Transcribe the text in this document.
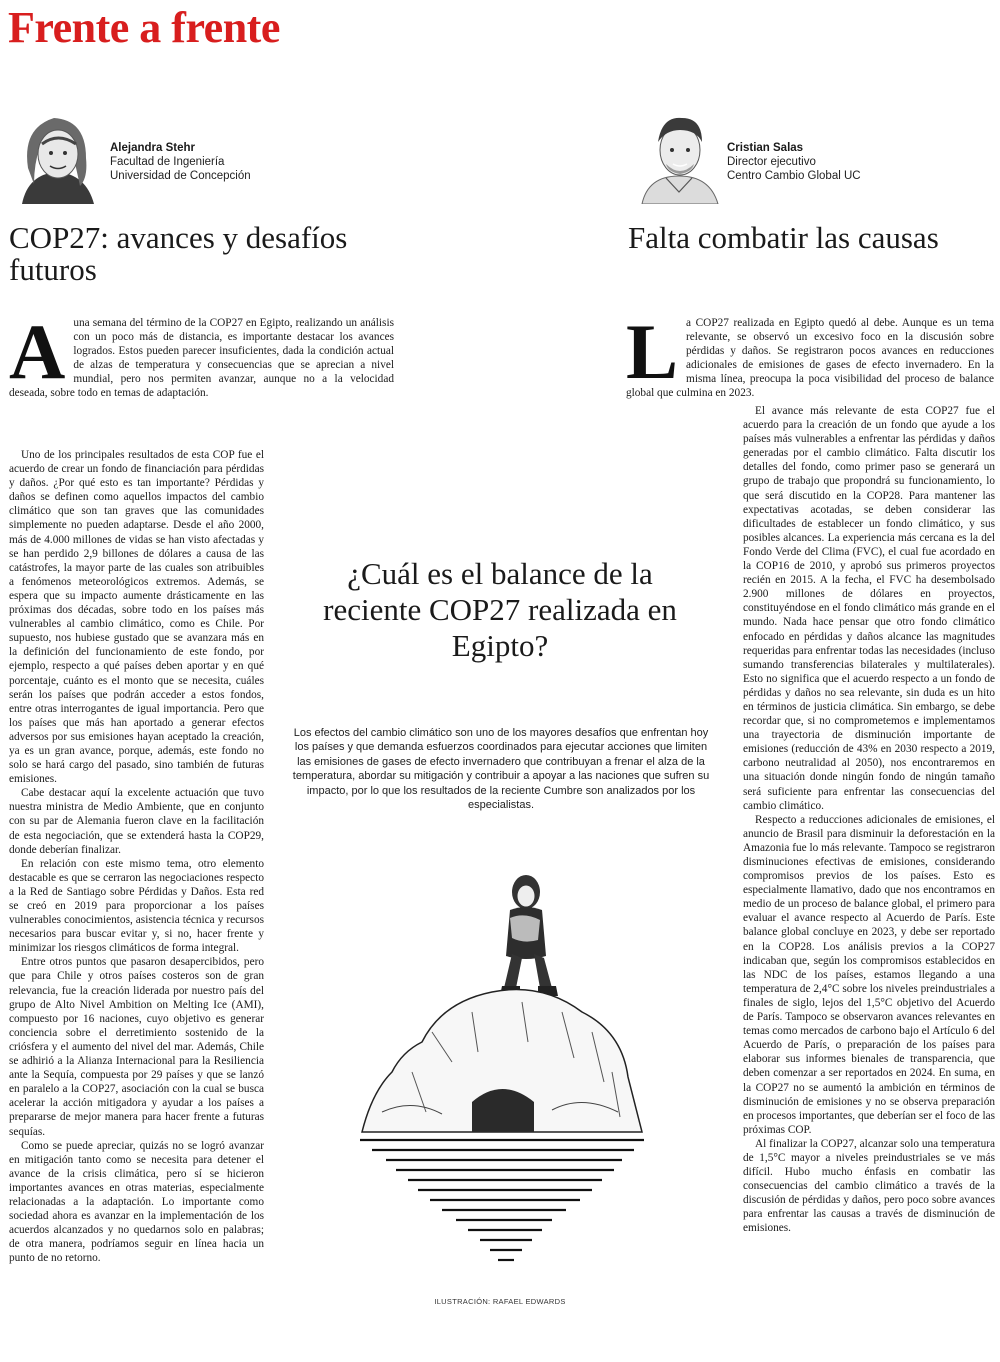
Frente a frente
Alejandra Stehr
Facultad de Ingeniería
Universidad de Concepción
COP27: avances y desafíos futuros
Cristian Salas
Director ejecutivo
Centro Cambio Global UC
Falta combatir las causas

Auna semana del término de la COP27 en Egipto, realizando un análisis con un poco más de distancia, es importante destacar los avances logrados. Estos pueden parecer insuficientes, dada la condición actual de alzas de temperatura y consecuencias que se aprecian a nivel mundial, pero nos permiten avanzar, aunque no a la velocidad deseada, sobre todo en temas de adaptación.

Uno de los principales resultados de esta COP fue el acuerdo de crear un fondo de financiación para pérdidas y daños. ¿Por qué esto es tan importante? Pérdidas y daños se definen como aquellos impactos del cambio climático que son tan graves que las comunidades simplemente no pueden adaptarse. Desde el año 2000, más de 4.000 millones de vidas se han visto afectadas y se han perdido 2,9 billones de dólares a causa de las catástrofes, la mayor parte de las cuales son atribuibles a fenómenos meteorológicos extremos. Además, se espera que su impacto aumente drásticamente en las próximas dos décadas, sobre todo en los países más vulnerables al cambio climático, como es Chile. Por supuesto, nos hubiese gustado que se avanzara más en la definición del funcionamiento de este fondo, por ejemplo, respecto a qué países deben aportar y en qué porcentaje, cuánto es el monto que se necesita, cuáles serán los países que podrán acceder a estos fondos, entre otras interrogantes de igual importancia. Pero que los países que más han aportado a generar efectos adversos por sus emisiones hayan aceptado la creación, ya es un gran avance, porque, además, este fondo no solo se hará cargo del pasado, sino también de futuras emisiones.

Cabe destacar aquí la excelente actuación que tuvo nuestra ministra de Medio Ambiente, que en conjunto con su par de Alemania fueron clave en la facilitación de esta negociación, que se extenderá hasta la COP29, donde deberían finalizar.

En relación con este mismo tema, otro elemento destacable es que se cerraron las negociaciones respecto a la Red de Santiago sobre Pérdidas y Daños. Esta red se creó en 2019 para proporcionar a los países vulnerables conocimientos, asistencia técnica y recursos necesarios para buscar evitar y, si no, hacer frente y minimizar los riesgos climáticos de forma integral.

Entre otros puntos que pasaron desapercibidos, pero que para Chile y otros países costeros son de gran relevancia, fue la creación liderada por nuestro país del grupo de Alto Nivel Ambition on Melting Ice (AMI), compuesto por 16 naciones, cuyo objetivo es generar conciencia sobre el derretimiento sostenido de la criósfera y el aumento del nivel del mar. Además, Chile se adhirió a la Alianza Internacional para la Resiliencia ante la Sequía, compuesta por 29 países y que se lanzó en paralelo a la COP27, asociación con la cual se busca acelerar la acción mitigadora y ayudar a los países a prepararse de mejor manera para hacer frente a futuras sequías.

Como se puede apreciar, quizás no se logró avanzar en mitigación tanto como se necesita para detener el avance de la crisis climática, pero sí se hicieron importantes avances en otras materias, especialmente relacionadas a la adaptación. Lo importante como sociedad ahora es avanzar en la implementación de los acuerdos alcanzados y no quedarnos solo en palabras; de otra manera, podríamos seguir en línea hacia un punto de no retorno.

La COP27 realizada en Egipto quedó al debe. Aunque es un tema relevante, se observó un excesivo foco en la discusión sobre pérdidas y daños. Se registraron pocos avances en reducciones adicionales de emisiones de gases de efecto invernadero. En la misma línea, preocupa la poca visibilidad del proceso de balance global que culmina en 2023.

El avance más relevante de esta COP27 fue el acuerdo para la creación de un fondo que ayude a los países más vulnerables a enfrentar las pérdidas y daños generadas por el cambio climático. Falta discutir los detalles del fondo, como primer paso se generará un grupo de trabajo que propondrá su funcionamiento, lo que será discutido en la COP28. Para mantener las expectativas acotadas, se deben considerar las dificultades de establecer un fondo climático, y sus posibles alcances. La experiencia más cercana es la del Fondo Verde del Clima (FVC), el cual fue acordado en la COP16 de 2010, y aprobó sus primeros proyectos recién en 2015. A la fecha, el FVC ha desembolsado 2.900 millones de dólares en proyectos, constituyéndose en el fondo climático más grande en el mundo. Nada hace pensar que otro fondo climático enfocado en pérdidas y daños alcance las magnitudes requeridas para enfrentar todas las necesidades (incluso sumando transferencias bilaterales y multilaterales). Esto no significa que el acuerdo respecto a un fondo de pérdidas y daños no sea relevante, sin duda es un hito en términos de justicia climática. Sin embargo, se debe recordar que, si no comprometemos e implementamos una trayectoria de disminución importante de emisiones (reducción de 43% en 2030 respecto a 2019, carbono neutralidad al 2050), nos encontraremos en una situación donde ningún fondo de ningún tamaño será suficiente para enfrentar las consecuencias del cambio climático.

Respecto a reducciones adicionales de emisiones, el anuncio de Brasil para disminuir la deforestación en la Amazonia fue lo más relevante. Tampoco se registraron disminuciones efectivas de emisiones, considerando compromisos previos de los países. Esto es especialmente llamativo, dado que nos encontramos en medio de un proceso de balance global, el primero para evaluar el avance respecto al Acuerdo de París. Este balance global concluye en 2023, y debe ser reportado en la COP28. Los análisis previos a la COP27 indicaban que, según los compromisos establecidos en las NDC de los países, estamos llegando a una temperatura de 2,4°C sobre los niveles preindustriales a finales de siglo, lejos del 1,5°C objetivo del Acuerdo de París. Tampoco se observaron avances relevantes en temas como mercados de carbono bajo el Artículo 6 del Acuerdo de París, o preparación de los países para elaborar sus informes bienales de transparencia, que deben comenzar a ser reportados en 2024. En suma, en la COP27 no se aumentó la ambición en términos de disminución de emisiones y no se observa preparación en procesos importantes, que deberían ser el foco de las próximas COP.

Al finalizar la COP27, alcanzar solo una temperatura de 1,5°C mayor a niveles preindustriales se ve más difícil. Hubo mucho énfasis en combatir las consecuencias del cambio climático a través de la discusión de pérdidas y daños, pero poco sobre avances para enfrentar las causas a través de disminución de emisiones.

¿Cuál es el balance de la reciente COP27 realizada en Egipto?
Los efectos del cambio climático son uno de los mayores desafíos que enfrentan hoy los países y que demanda esfuerzos coordinados para ejecutar acciones que limiten las emisiones de gases de efecto invernadero que contribuyan a frenar el alza de la temperatura, abordar su mitigación y contribuir a apoyar a las naciones que sufren su impacto, por lo que los resultados de la reciente Cumbre son analizados por los especialistas.
ILUSTRACIÓN: RAFAEL EDWARDS
